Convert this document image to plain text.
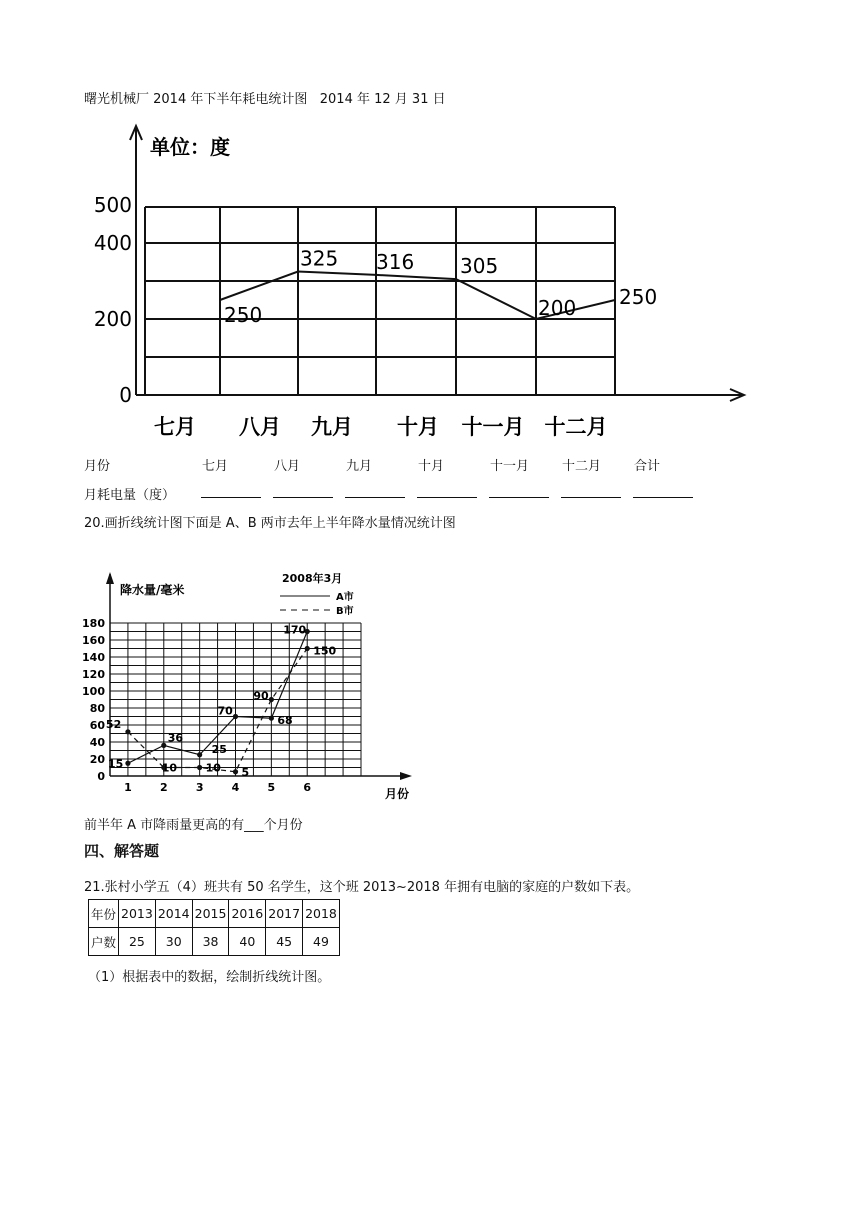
曙光机械厂 2014 年下半年耗电统计图 2014 年 12 月 31 日
单位：度
500
400
200
0
七月 八月 九月 十月 十一月 十二月
250
325 316 305
200 250
月份	七月	八月	九月	十月	十一月	十二月	合计
月耗电量（度）
20.画折线统计图下面是 A、B 两市去年上半年降水量情况统计图
降水量/毫米
2008年3月
A市
B市
180
160
140
120
100
80
60
40
20
0
1	2	3	4	5	6	月份
15
36
25
70
68
170
52
10	10 5
90
150
前半年 A 市降雨量更高的有___个月份
四、解答题
21.张村小学五（4）班共有 50 名学生，这个班 2013~2018 年拥有电脑的家庭的户数如下表。
年份	2013	2014	2015	2016	2017	2018
户数	25	30	38	40	45	49
（1）根据表中的数据，绘制折线统计图。
